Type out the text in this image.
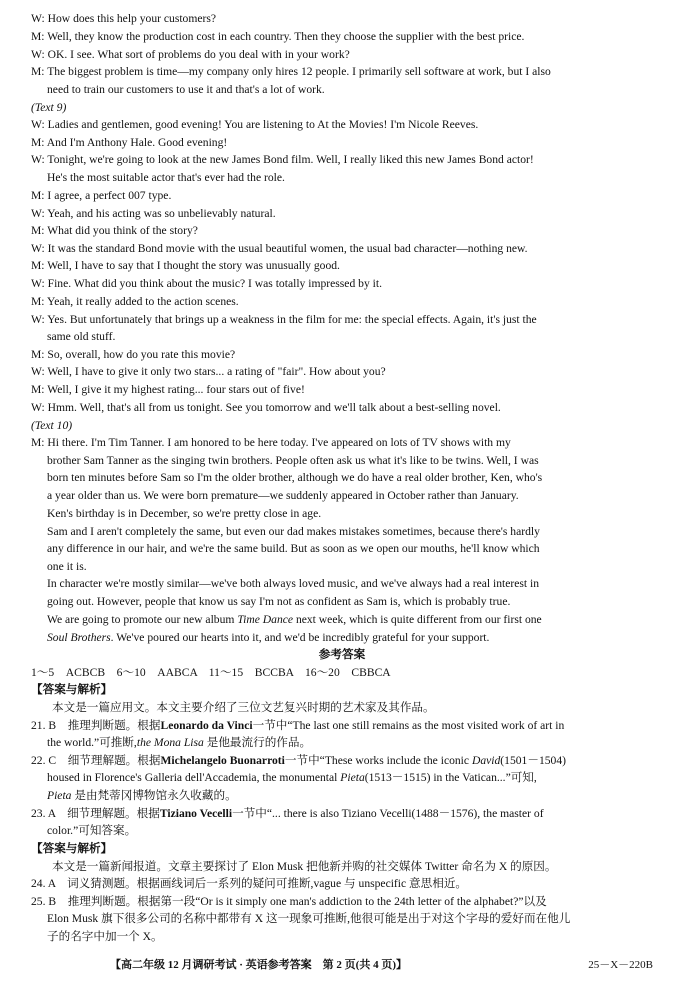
W: How does this help your customers?
M: Well, they know the production cost in each country. Then they choose the supplier with the best price.
W: OK. I see. What sort of problems do you deal with in your work?
M: The biggest problem is time—my company only hires 12 people. I primarily sell software at work, but I also
need to train our customers to use it and that's a lot of work.
(Text 9)
W: Ladies and gentlemen, good evening! You are listening to At the Movies! I'm Nicole Reeves.
M: And I'm Anthony Hale. Good evening!
W: Tonight, we're going to look at the new James Bond film. Well, I really liked this new James Bond actor!
He's the most suitable actor that's ever had the role.
M: I agree, a perfect 007 type.
W: Yeah, and his acting was so unbelievably natural.
M: What did you think of the story?
W: It was the standard Bond movie with the usual beautiful women, the usual bad character—nothing new.
M: Well, I have to say that I thought the story was unusually good.
W: Fine. What did you think about the music? I was totally impressed by it.
M: Yeah, it really added to the action scenes.
W: Yes. But unfortunately that brings up a weakness in the film for me: the special effects. Again, it's just the
same old stuff.
M: So, overall, how do you rate this movie?
W: Well, I have to give it only two stars... a rating of "fair". How about you?
M: Well, I give it my highest rating... four stars out of five!
W: Hmm. Well, that's all from us tonight. See you tomorrow and we'll talk about a best-selling novel.
(Text 10)
M: Hi there. I'm Tim Tanner. I am honored to be here today. I've appeared on lots of TV shows with my
brother Sam Tanner as the singing twin brothers. People often ask us what it's like to be twins. Well, I was
born ten minutes before Sam so I'm the older brother, although we do have a real older brother, Ken, who's
a year older than us. We were born premature—we suddenly appeared in October rather than January.
Ken's birthday is in December, so we're pretty close in age.
Sam and I aren't completely the same, but even our dad makes mistakes sometimes, because there's hardly
any difference in our hair, and we're the same build. But as soon as we open our mouths, he'll know which
one it is.
In character we're mostly similar—we've both always loved music, and we've always had a real interest in
going out. However, people that know us say I'm not as confident as Sam is, which is probably true.
We are going to promote our new album Time Dance next week, which is quite different from our first one
Soul Brothers. We've poured our hearts into it, and we'd be incredibly grateful for your support.
参考答案
1～5　ACBCB　6～10　AABCA　11～15　BCCBA　16～20　CBBCA
【答案与解析】
本文是一篇应用文。本文主要介绍了三位文艺复兴时期的艺术家及其作品。
21. B　推理判断题。根据Leonardo da Vinci一节中“The last one still remains as the most visited work of art in
the world.”可推断,the Mona Lisa 是他最流行的作品。
22. C　细节理解题。根据Michelangelo Buonarroti一节中“These works include the iconic David(1501－1504)
housed in Florence's Galleria dell'Accademia, the monumental Pieta(1513－1515) in the Vatican...”可知,
Pieta 是由梵蒂冈博物馆永久收藏的。
23. A　细节理解题。根据Tiziano Vecelli一节中“... there is also Tiziano Vecelli(1488－1576), the master of
color.”可知答案。
【答案与解析】
本文是一篇新闻报道。文章主要探讨了 Elon Musk 把他新并购的社交媒体 Twitter 命名为 X 的原因。
24. A　词义猜测题。根据画线词后一系列的疑问可推断,vague 与 unspecific 意思相近。
25. B　推理判断题。根据第一段“Or is it simply one man's addiction to the 24th letter of the alphabet?”以及
Elon Musk 旗下很多公司的名称中都带有 X 这一现象可推断,他很可能是出于对这个字母的爱好而在他儿
子的名字中加一个 X。
【高二年级 12 月调研考试 · 英语参考答案　第 2 页(共 4 页)】	25－X－220B
